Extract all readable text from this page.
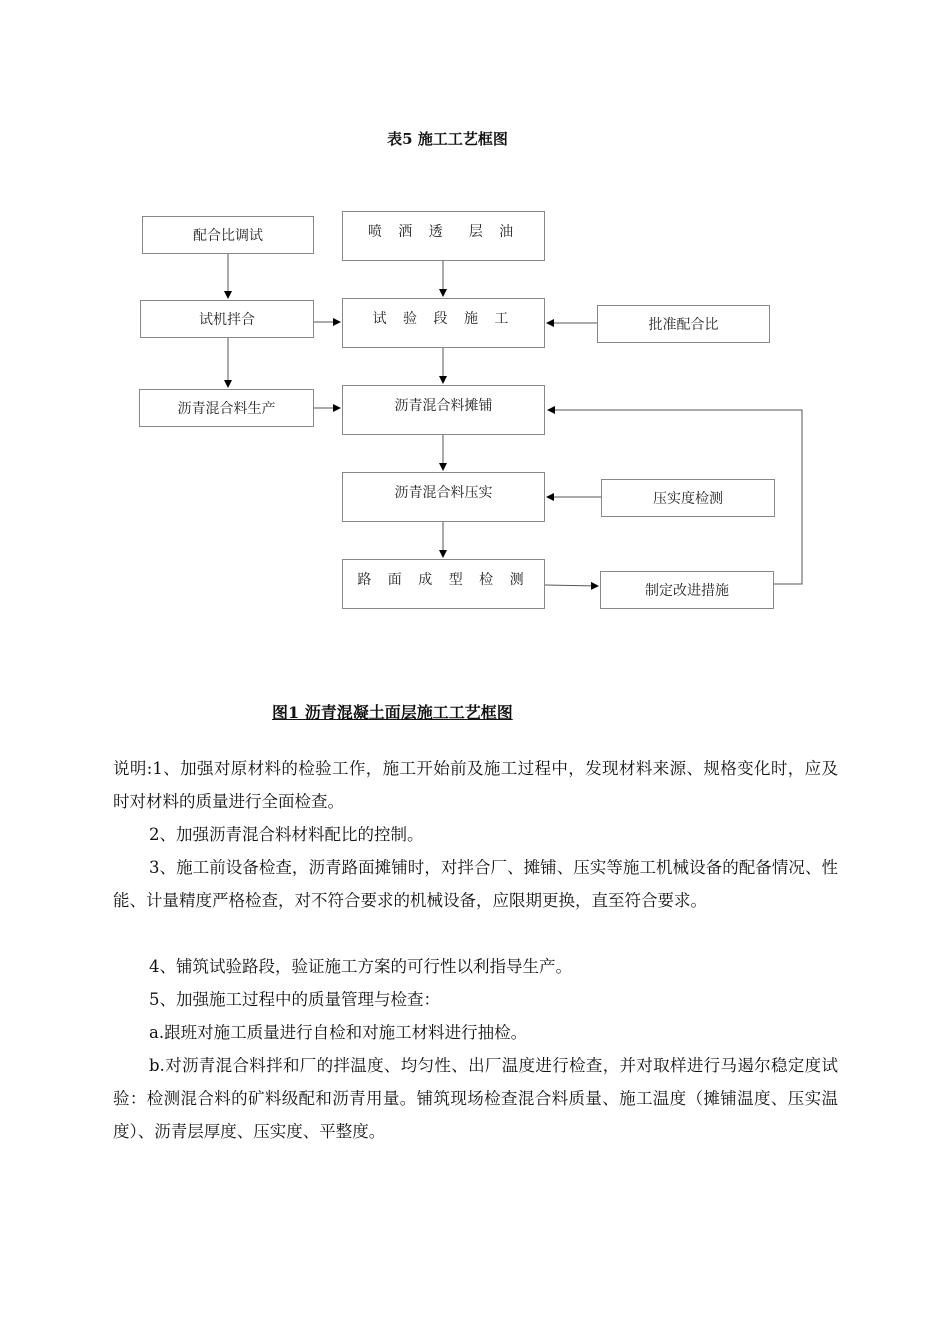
表5 施工工艺框图
配合比调试
试机拌合
沥青混合料生产
喷 洒 透　层 油
试 验 段 施 工
沥青混合料摊铺
沥青混合料压实
路 面 成 型 检 测
批准配合比
压实度检测
制定改进措施
图1 沥青混凝土面层施工工艺框图

说明:1、加强对原材料的检验工作，施工开始前及施工过程中，发现材料来源、规格变化时，应及时对材料的质量进行全面检查。

2、加强沥青混合料材料配比的控制。

3、施工前设备检查，沥青路面摊铺时，对拌合厂、摊铺、压实等施工机械设备的配备情况、性能、计量精度严格检查，对不符合要求的机械设备，应限期更换，直至符合要求。

4、铺筑试验路段，验证施工方案的可行性以利指导生产。

5、加强施工过程中的质量管理与检查：

a.跟班对施工质量进行自检和对施工材料进行抽检。

b.对沥青混合料拌和厂的拌温度、均匀性、出厂温度进行检查，并对取样进行马遏尔稳定度试验：检测混合料的矿料级配和沥青用量。铺筑现场检查混合料质量、施工温度（摊铺温度、压实温度）、沥青层厚度、压实度、平整度。
